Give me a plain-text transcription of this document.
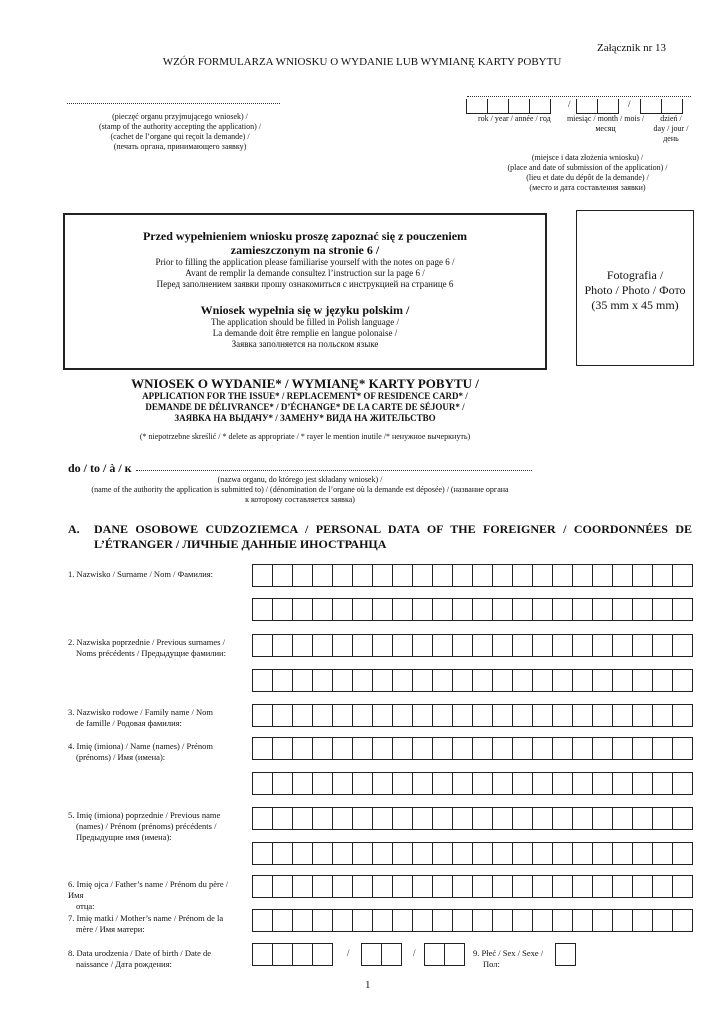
Załącznik nr 13
WZÓR FORMULARZA WNIOSKU O WYDANIE LUB WYMIANĘ KARTY POBYTU
(pieczęć organu przyjmującego wniosek) /
(stamp of the authority accepting the application) /
(cachet de l’organe qui reçoit la demande) /
(печать органа, принимающего заявку)
/	/
rok / year / année / год	miesiąc / month / mois /
месяц
dzień /
day / jour /
день
(miejsce i data złożenia wniosku) /
(place and date of submission of the application) /
(lieu et date du dépôt de la demande) /
(место и дата составления заявки)
Przed wypełnieniem wniosku proszę zapoznać się z pouczeniem
zamieszczonym na stronie 6 /
Prior to filling the application please familiarise yourself with the notes on page 6 /
Avant de remplir la demande consultez l’instruction sur la page 6 /
Перед заполнением заявки прошу ознакомиться с инструкцией на странице 6
Wniosek wypełnia się w języku polskim /
The application should be filled in Polish language /
La demande doit être remplie en langue polonaise /
Заявка заполняется на польском языке
Fotografia /
Photo / Photo / Фото
(35 mm x 45 mm)
WNIOSEK O WYDANIE* / WYMIANĘ* KARTY POBYTU /
APPLICATION FOR THE ISSUE* / REPLACEMENT* OF RESIDENCE CARD* /
DEMANDE DE DÉLIVRANCE* / D’ÉCHANGE* DE LA CARTE DE SÉJOUR* /
ЗАЯВКА НА ВЫДАЧУ* / ЗАМЕНУ* ВИДА НА ЖИТЕЛЬСТВО
(* niepotrzebne skreślić / * delete as appropriate / * rayer le mention inutile /* ненужное вычеркнуть)
do / to / à / к
(nazwa organu, do którego jest składany wniosek) /
(name of the authority the application is submitted to) / (dénomination de l’organe où la demande est déposée) / (название органа
к которому составляется заявка)
A. DANE OSOBOWE CUDZOZIEMCA / PERSONAL DATA OF THE FOREIGNER / COORDONNÉES DE
L’ÉTRANGER / ЛИЧНЫЕ ДАННЫЕ ИНОСТРАНЦА
1. Nazwisko / Surname / Nom / Фамилия:
2. Nazwiska poprzednie / Previous surnames /
Noms précédents / Предыдущие фамилии:
3. Nazwisko rodowe / Family name / Nom
de famille / Родовая фамилия:
4. Imię (imiona) / Name (names) / Prénom
(prénoms) / Имя (имена):
5. Imię (imiona) poprzednie / Previous name
(names) / Prénom (prénoms) précédents /
Предыдущие имя (имена):
6. Imię ojca / Father’s name / Prénom du père / Имя
отца:
7. Imię matki / Mother’s name / Prénom de la
mère / Имя матери:
8. Data urodzenia / Date of birth / Date de
naissance / Дата рождения:
/	/	9. Płeć / Sex / Sexe /
Пол:
1
